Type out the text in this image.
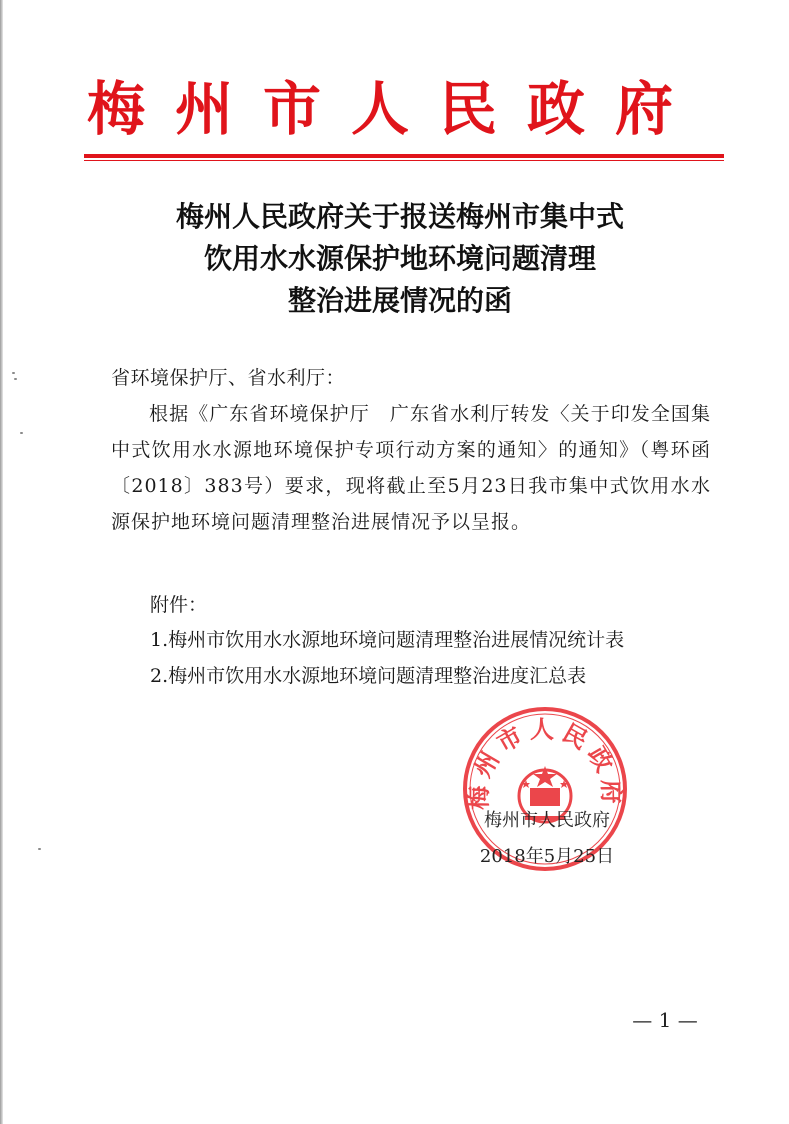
梅州市人民政府
梅州人民政府关于报送梅州市集中式
饮用水水源保护地环境问题清理
整治进展情况的函
省环境保护厅、省水利厅：
根据《广东省环境保护厅　广东省水利厅转发〈关于印发全国集中式饮用水水源地环境保护专项行动方案的通知〉的通知》（粤环函〔2018〕383号）要求，现将截止至5月23日我市集中式饮用水水源保护地环境问题清理整治进展情况予以呈报。
附件：
1.梅州市饮用水水源地环境问题清理整治进展情况统计表
2.梅州市饮用水水源地环境问题清理整治进度汇总表
梅州市人民政府
梅州市人民政府
2018年5月25日
— 1 —
